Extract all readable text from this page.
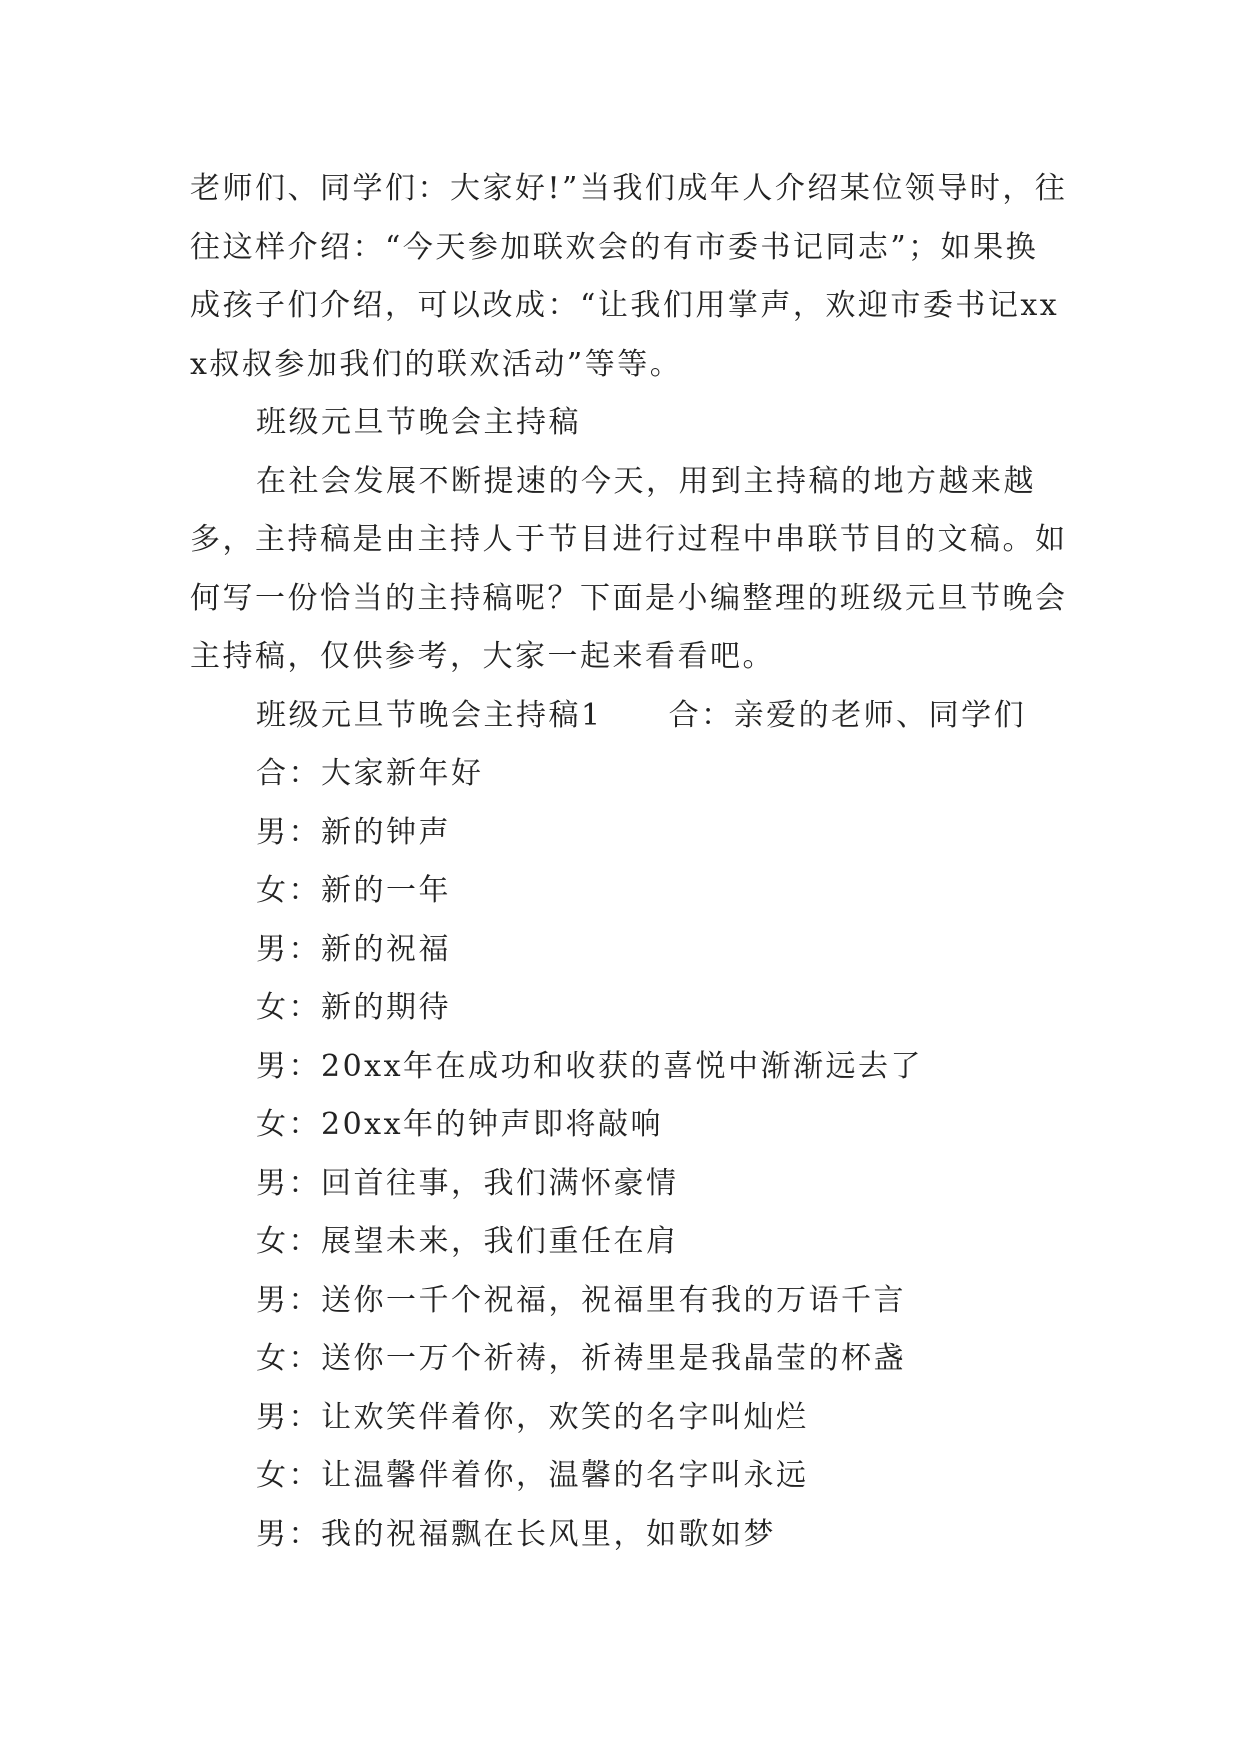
老师们、同学们：大家好!”当我们成年人介绍某位领导时，往往这样介绍：“今天参加联欢会的有市委书记同志”；如果换成孩子们介绍，可以改成：“让我们用掌声，欢迎市委书记xxx叔叔参加我们的联欢活动”等等。

班级元旦节晚会主持稿

在社会发展不断提速的今天，用到主持稿的地方越来越多，主持稿是由主持人于节目进行过程中串联节目的文稿。如何写一份恰当的主持稿呢？下面是小编整理的班级元旦节晚会主持稿，仅供参考，大家一起来看看吧。

班级元旦节晚会主持稿1 合：亲爱的老师、同学们

合：大家新年好

男：新的钟声

女：新的一年

男：新的祝福

女：新的期待

男：20xx年在成功和收获的喜悦中渐渐远去了

女：20xx年的钟声即将敲响

男：回首往事，我们满怀豪情

女：展望未来，我们重任在肩

男：送你一千个祝福，祝福里有我的万语千言

女：送你一万个祈祷，祈祷里是我晶莹的杯盏

男：让欢笑伴着你，欢笑的名字叫灿烂

女：让温馨伴着你，温馨的名字叫永远

男：我的祝福飘在长风里，如歌如梦
